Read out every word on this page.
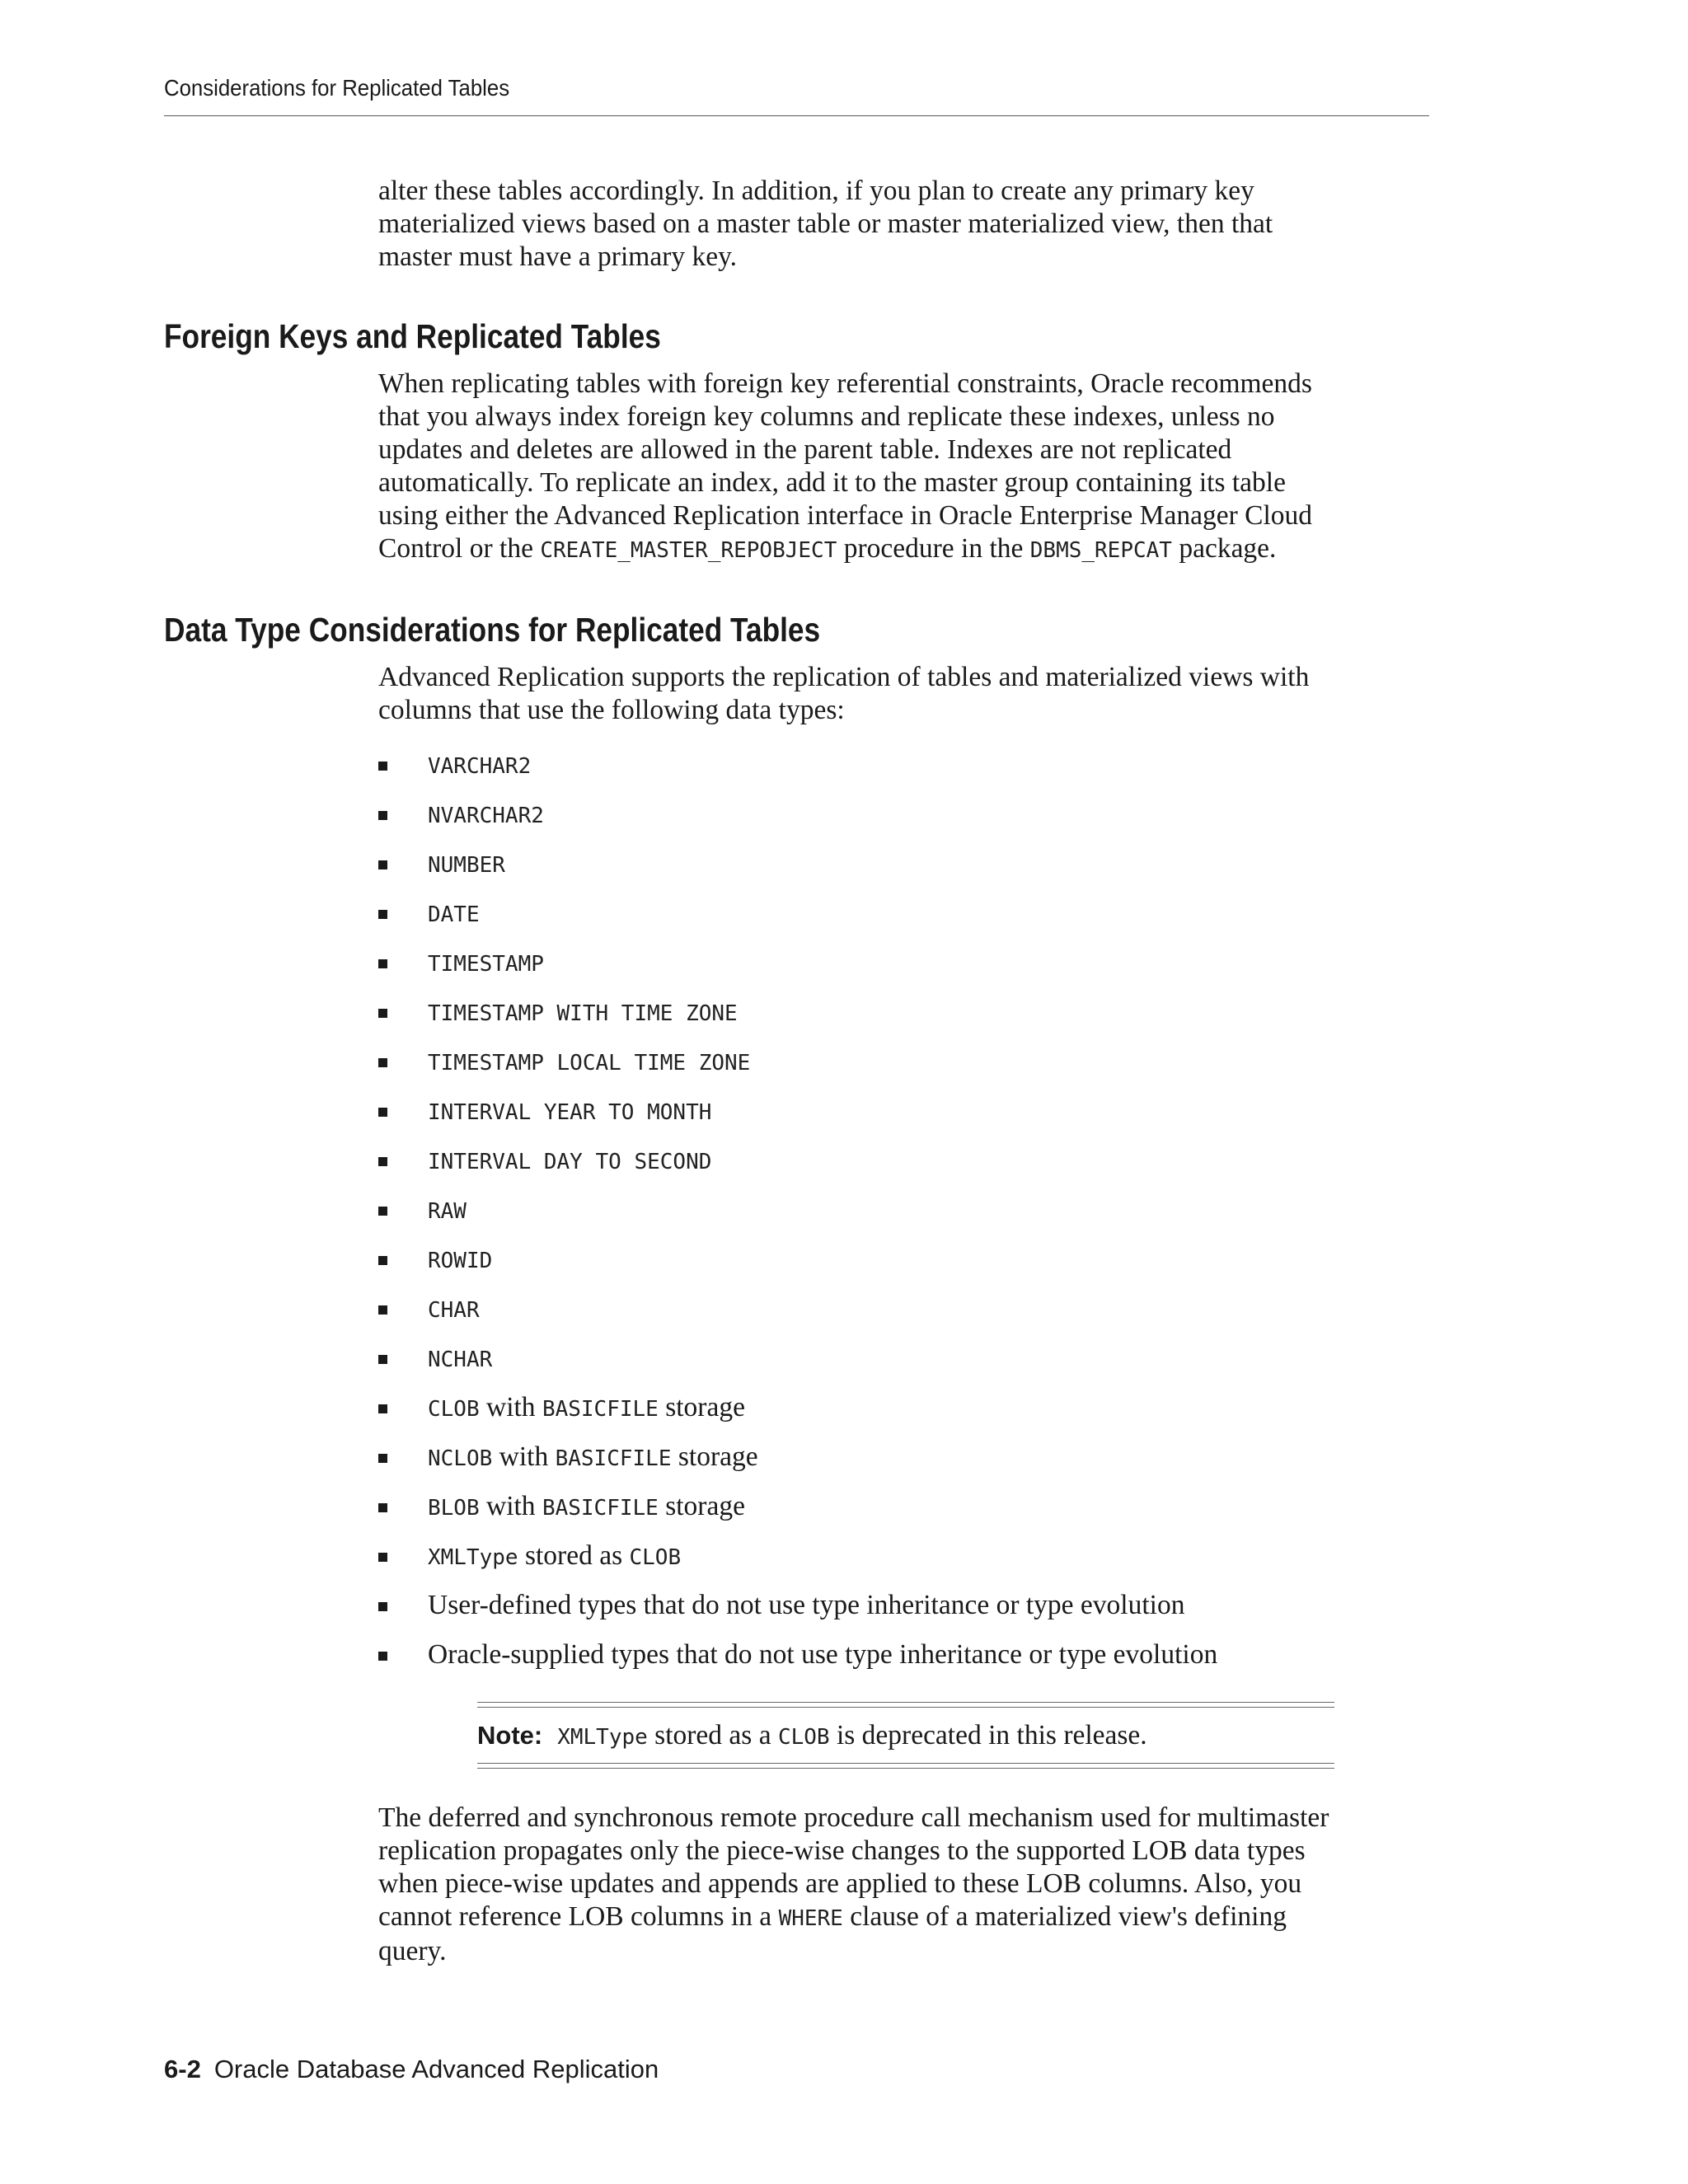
Considerations for Replicated Tables

alter these tables accordingly. In addition, if you plan to create any primary key
materialized views based on a master table or master materialized view, then that
master must have a primary key.

Foreign Keys and Replicated Tables

When replicating tables with foreign key referential constraints, Oracle recommends
that you always index foreign key columns and replicate these indexes, unless no
updates and deletes are allowed in the parent table. Indexes are not replicated
automatically. To replicate an index, add it to the master group containing its table
using either the Advanced Replication interface in Oracle Enterprise Manager Cloud
Control or the CREATE_MASTER_REPOBJECT procedure in the DBMS_REPCAT package.

Data Type Considerations for Replicated Tables

Advanced Replication supports the replication of tables and materialized views with
columns that use the following data types:

VARCHAR2
NVARCHAR2
NUMBER
DATE
TIMESTAMP
TIMESTAMP WITH TIME ZONE
TIMESTAMP LOCAL TIME ZONE
INTERVAL YEAR TO MONTH
INTERVAL DAY TO SECOND
RAW
ROWID
CHAR
NCHAR
CLOB with BASICFILE storage
NCLOB with BASICFILE storage
BLOB with BASICFILE storage
XMLType stored as CLOB
User-defined types that do not use type inheritance or type evolution
Oracle-supplied types that do not use type inheritance or type evolution
Note: XMLType stored as a CLOB is deprecated in this release.

The deferred and synchronous remote procedure call mechanism used for multimaster
replication propagates only the piece-wise changes to the supported LOB data types
when piece-wise updates and appends are applied to these LOB columns. Also, you
cannot reference LOB columns in a WHERE clause of a materialized view's defining
query.

6-2 Oracle Database Advanced Replication
